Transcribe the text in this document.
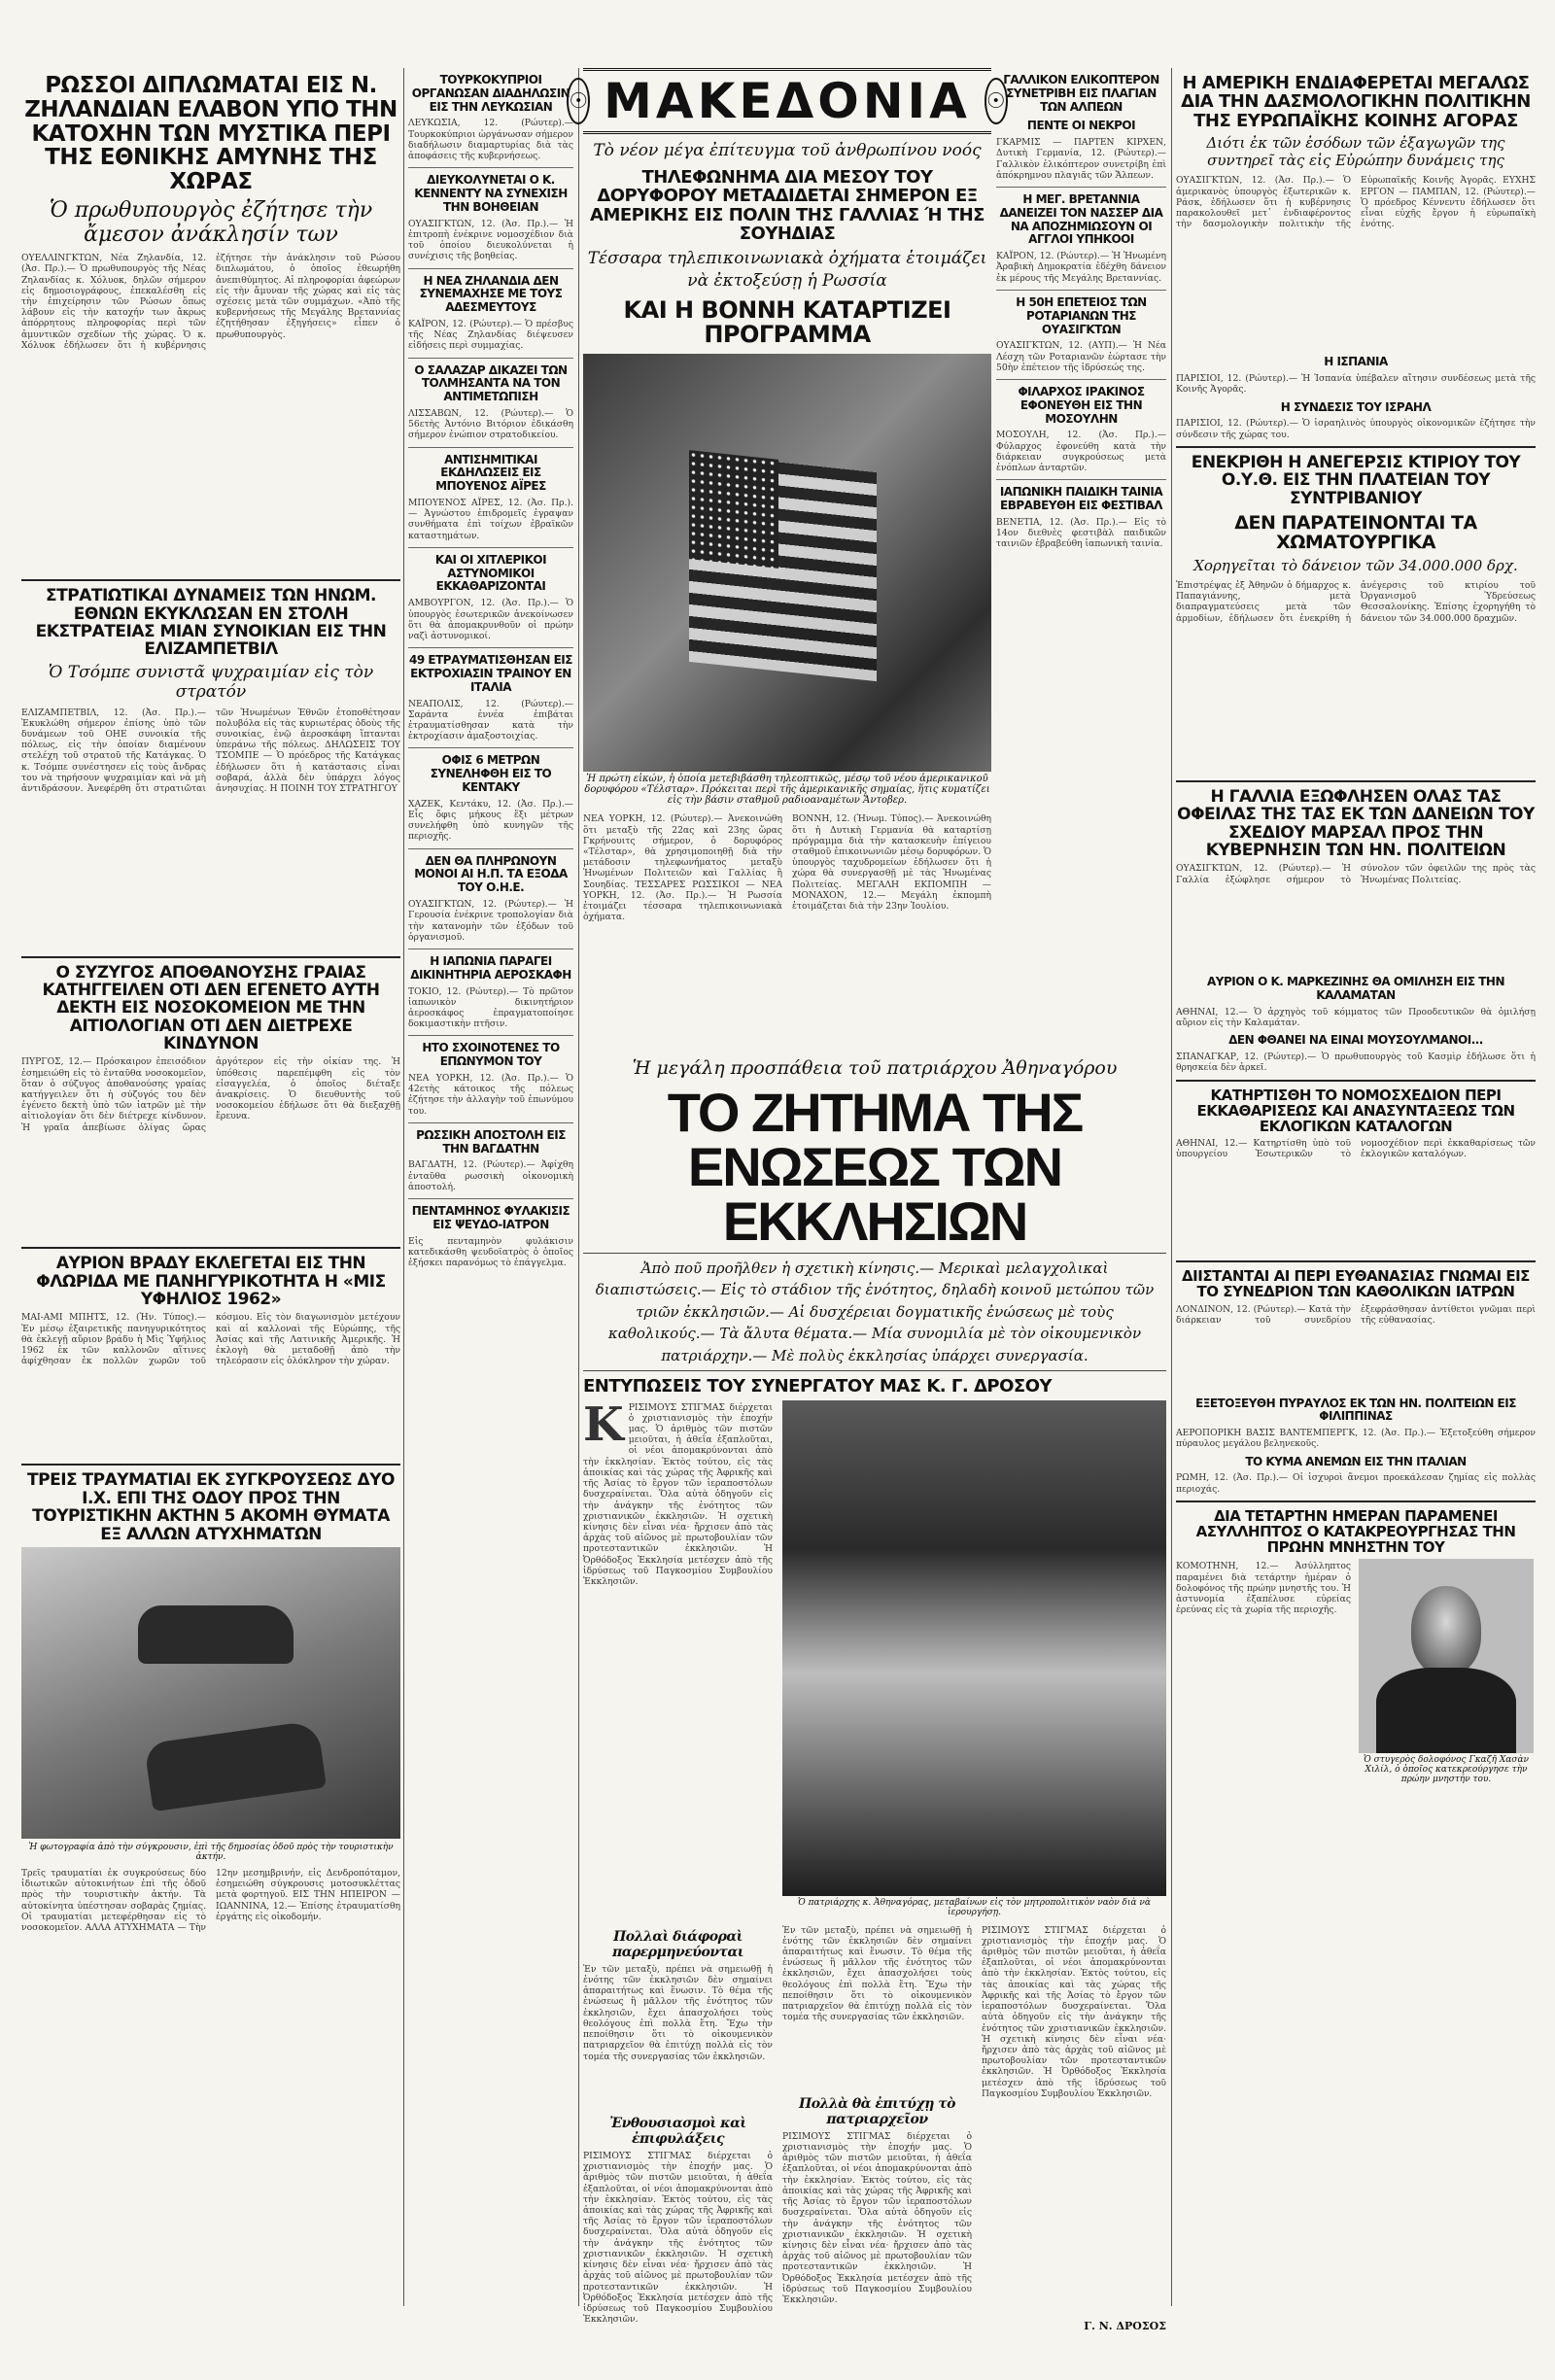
ΡΩΣΣΟΙ ΔΙΠΛΩΜΑΤΑΙ ΕΙΣ Ν. ΖΗΛΑΝΔΙΑΝ ΕΛΑΒΟΝ ΥΠΟ ΤΗΝ ΚΑΤΟΧΗΝ ΤΩΝ ΜΥΣΤΙΚΑ ΠΕΡΙ ΤΗΣ ΕΘΝΙΚΗΣ ΑΜΥΝΗΣ ΤΗΣ ΧΩΡΑΣ
Ὁ πρωθυπουργὸς ἐζήτησε τὴν ἄμεσον ἀνάκλησίν των
ΟΥΕΛΛΙΝΓΚΤΩΝ, Νέα Ζηλανδία, 12. (Ἀσ. Πρ.).— Ὁ πρωθυπουργὸς τῆς Νέας Ζηλανδίας κ. Χόλυοκ, δηλῶν σήμερον εἰς δημοσιογράφους, ἐπεκαλέσθη εἰς τὴν ἐπιχείρησιν τῶν Ρώσων ὅπως λάβουν εἰς τὴν κατοχήν των ἄκρως ἀπόρρητους πληροφορίας περὶ τῶν ἀμυντικῶν σχεδίων τῆς χώρας. Ὁ κ. Χόλυοκ ἐδήλωσεν ὅτι ἡ κυβέρνησις ἐζήτησε τὴν ἀνάκλησιν τοῦ Ρώσου διπλωμάτου, ὁ ὁποῖος ἐθεωρήθη ἀνεπιθύμητος. Αἱ πληροφορίαι ἀφεώρων εἰς τὴν ἄμυναν τῆς χώρας καὶ εἰς τὰς σχέσεις μετὰ τῶν συμμάχων. «Ἀπὸ τῆς κυβερνήσεως τῆς Μεγάλης Βρεταννίας ἐζητήθησαν ἐξηγήσεις» εἶπεν ὁ πρωθυπουργὸς.
ΣΤΡΑΤΙΩΤΙΚΑΙ ΔΥΝΑΜΕΙΣ ΤΩΝ ΗΝΩΜ. ΕΘΝΩΝ ΕΚΥΚΛΩΣΑΝ ΕΝ ΣΤΟΛΗ ΕΚΣΤΡΑΤΕΙΑΣ ΜΙΑΝ ΣΥΝΟΙΚΙΑΝ ΕΙΣ ΤΗΝ ΕΛΙΖΑΜΠΕΤΒΙΛ
Ὁ Τσόμπε συνιστᾶ ψυχραιμίαν εἰς τὸν στρατόν
ΕΛΙΖΑΜΠΕΤΒΙΛ, 12. (Ἀσ. Πρ.).— Ἐκυκλώθη σήμερον ἐπίσης ὑπὸ τῶν δυνάμεων τοῦ ΟΗΕ συνοικία τῆς πόλεως, εἰς τὴν ὁποίαν διαμένουν στελέχη τοῦ στρατοῦ τῆς Κατάγκας. Ὁ κ. Τσόμπε συνέστησεν εἰς τοὺς ἄνδρας του νὰ τηρήσουν ψυχραιμίαν καὶ νὰ μὴ ἀντιδράσουν. Ἀνεφέρθη ὅτι στρατιῶται τῶν Ἡνωμένων Ἐθνῶν ἐτοποθέτησαν πολυβόλα εἰς τὰς κυριωτέρας ὁδοὺς τῆς συνοικίας, ἐνῷ ἀεροσκάφη ἵπτανται ὑπεράνω τῆς πόλεως. ΔΗΛΩΣΕΙΣ ΤΟΥ ΤΣΟΜΠΕ — Ὁ πρόεδρος τῆς Κατάγκας ἐδήλωσεν ὅτι ἡ κατάστασις εἶναι σοβαρά, ἀλλὰ δὲν ὑπάρχει λόγος ἀνησυχίας. Η ΠΟΙΝΗ ΤΟΥ ΣΤΡΑΤΗΓΟΥ
Ο ΣΥΖΥΓΟΣ ΑΠΟΘΑΝΟΥΣΗΣ ΓΡΑΙΑΣ ΚΑΤΗΓΓΕΙΛΕΝ ΟΤΙ ΔΕΝ ΕΓΕΝΕΤΟ ΑΥΤΗ ΔΕΚΤΗ ΕΙΣ ΝΟΣΟΚΟΜΕΙΟΝ ΜΕ ΤΗΝ ΑΙΤΙΟΛΟΓΙΑΝ ΟΤΙ ΔΕΝ ΔΙΕΤΡΕΧΕ ΚΙΝΔΥΝΟΝ
ΠΥΡΓΟΣ, 12.— Πρόσκαιρον ἐπεισόδιον ἐσημειώθη εἰς τὸ ἐνταῦθα νοσοκομεῖον, ὅταν ὁ σύζυγος ἀποθανούσης γραίας κατήγγειλεν ὅτι ἡ σύζυγός του δὲν ἐγένετο δεκτὴ ὑπὸ τῶν ἰατρῶν μὲ τὴν αἰτιολογίαν ὅτι δὲν διέτρεχε κίνδυνον. Ἡ γραῖα ἀπεβίωσε ὀλίγας ὥρας ἀργότερον εἰς τὴν οἰκίαν της. Ἡ ὑπόθεσις παρεπέμφθη εἰς τὸν εἰσαγγελέα, ὁ ὁποῖος διέταξε ἀνακρίσεις. Ὁ διευθυντὴς τοῦ νοσοκομείου ἐδήλωσε ὅτι θὰ διεξαχθῇ ἔρευνα.
ΑΥΡΙΟΝ ΒΡΑΔΥ ΕΚΛΕΓΕΤΑΙ ΕΙΣ ΤΗΝ ΦΛΩΡΙΔΑ ΜΕ ΠΑΝΗΓΥΡΙΚΟΤΗΤΑ Η «ΜΙΣ ΥΦΗΛΙΟΣ 1962»
ΜΑΙ-ΑΜΙ ΜΠΗΤΣ, 12. (Ἠν. Τύπος).— Ἐν μέσῳ ἐξαιρετικῆς πανηγυρικότητος θὰ ἐκλεγῇ αὔριον βράδυ ἡ Μὶς Ὑφήλιος 1962 ἐκ τῶν καλλονῶν αἵτινες ἀφίχθησαν ἐκ πολλῶν χωρῶν τοῦ κόσμου. Εἰς τὸν διαγωνισμὸν μετέχουν καὶ αἱ καλλοναὶ τῆς Εὐρώπης, τῆς Ἀσίας καὶ τῆς Λατινικῆς Ἀμερικῆς. Ἡ ἐκλογὴ θὰ μεταδοθῇ ἀπὸ τὴν τηλεόρασιν εἰς ὁλόκληρον τὴν χώραν.
ΤΡΕΙΣ ΤΡΑΥΜΑΤΙΑΙ ΕΚ ΣΥΓΚΡΟΥΣΕΩΣ ΔΥΟ Ι.Χ. ΕΠΙ ΤΗΣ ΟΔΟΥ ΠΡΟΣ ΤΗΝ ΤΟΥΡΙΣΤΙΚΗΝ ΑΚΤΗΝ 5 ΑΚΟΜΗ ΘΥΜΑΤΑ ΕΞ ΑΛΛΩΝ ΑΤΥΧΗΜΑΤΩΝ
Ἡ φωτογραφία ἀπὸ τὴν σύγκρουσιν, ἐπὶ τῆς δημοσίας ὁδοῦ πρὸς τὴν τουριστικὴν ἀκτήν.
Τρεῖς τραυματίαι ἐκ συγκρούσεως δύο ἰδιωτικῶν αὐτοκινήτων ἐπὶ τῆς ὁδοῦ πρὸς τὴν τουριστικὴν ἀκτήν. Τὰ αὐτοκίνητα ὑπέστησαν σοβαρὰς ζημίας. Οἱ τραυματίαι μετεφέρθησαν εἰς τὸ νοσοκομεῖον. ΑΛΛΑ ΑΤΥΧΗΜΑΤΑ — Τὴν 12ην μεσημβρινήν, εἰς Δενδροπόταμον, ἐσημειώθη σύγκρουσις μοτοσυκλέττας μετὰ φορτηγοῦ. ΕΙΣ ΤΗΝ ΗΠΕΙΡΟΝ — ΙΩΑΝΝΙΝΑ, 12.— Ἐπίσης ἐτραυματίσθη ἐργάτης εἰς οἰκοδομήν.
ΤΟΥΡΚΟΚΥΠΡΙΟΙ ΟΡΓΑΝΩΣΑΝ ΔΙΑΔΗΛΩΣΙΝ ΕΙΣ ΤΗΝ ΛΕΥΚΩΣΙΑΝ
ΛΕΥΚΩΣΙΑ, 12. (Ρώυτερ).— Τουρκοκύπριοι ὠργάνωσαν σήμερον διαδήλωσιν διαμαρτυρίας διὰ τὰς ἀποφάσεις τῆς κυβερνήσεως.
ΔΙΕΥΚΟΛΥΝΕΤΑΙ Ο Κ. ΚΕΝΝΕΝΤΥ ΝΑ ΣΥΝΕΧΙΣΗ ΤΗΝ ΒΟΗΘΕΙΑΝ
ΟΥΑΣΙΓΚΤΩΝ, 12. (Ἀσ. Πρ.).— Ἡ ἐπιτροπὴ ἐνέκρινε νομοσχέδιον διὰ τοῦ ὁποίου διευκολύνεται ἡ συνέχισις τῆς βοηθείας.
Η ΝΕΑ ΖΗΛΑΝΔΙΑ ΔΕΝ ΣΥΝΕΜΑΧΗΣΕ ΜΕ ΤΟΥΣ ΑΔΕΣΜΕΥΤΟΥΣ
ΚΑΪΡΟΝ, 12. (Ρώυτερ).— Ὁ πρέσβυς τῆς Νέας Ζηλανδίας διέψευσεν εἰδήσεις περὶ συμμαχίας.
Ο ΣΑΛΑΖΑΡ ΔΙΚΑΖΕΙ ΤΩΝ ΤΟΛΜΗΣΑΝΤΑ ΝΑ ΤΟΝ ΑΝΤΙΜΕΤΩΠΙΣΗ
ΛΙΣΣΑΒΩΝ, 12. (Ρώυτερ).— Ὁ 56ετὴς Ἀντόνιο Βιτόριον ἐδικάσθη σήμερον ἐνώπιον στρατοδικείου.
ΑΝΤΙΣΗΜΙΤΙΚΑΙ ΕΚΔΗΛΩΣΕΙΣ ΕΙΣ ΜΠΟΥΕΝΟΣ ΑΪΡΕΣ
ΜΠΟΥΕΝΟΣ ΑΪΡΕΣ, 12. (Ἀσ. Πρ.).— Ἀγνώστου ἐπιδρομεῖς ἐγραψαν συνθήματα ἐπὶ τοίχων ἑβραϊκῶν καταστημάτων.
ΚΑΙ ΟΙ ΧΙΤΛΕΡΙΚΟΙ ΑΣΤΥΝΟΜΙΚΟΙ ΕΚΚΑΘΑΡΙΖΟΝΤΑΙ
ΑΜΒΟΥΡΓΟΝ, 12. (Ἀσ. Πρ.).— Ὁ ὑπουργὸς ἐσωτερικῶν ἀνεκοίνωσεν ὅτι θὰ ἀπομακρυνθοῦν οἱ πρώην ναζὶ ἀστυνομικοί.
49 ΕΤΡΑΥΜΑΤΙΣΘΗΣΑΝ ΕΙΣ ΕΚΤΡΟΧΙΑΣΙΝ ΤΡΑΙΝΟΥ ΕΝ ΙΤΑΛΙΑ
ΝΕΑΠΟΛΙΣ, 12. (Ρώυτερ).— Σαράντα ἐννέα ἐπιβάται ἐτραυματίσθησαν κατὰ τὴν ἐκτροχίασιν ἀμαξοστοιχίας.
ΟΦΙΣ 6 ΜΕΤΡΩΝ ΣΥΝΕΛΗΦΘΗ ΕΙΣ ΤΟ ΚΕΝΤΑΚΥ
ΧΑΖΕΚ, Κεντάκυ, 12. (Ἀσ. Πρ.).— Εἷς ὄφις μήκους ἕξι μέτρων συνελήφθη ὑπὸ κυνηγῶν τῆς περιοχῆς.
ΔΕΝ ΘΑ ΠΛΗΡΩΝΟΥΝ ΜΟΝΟΙ ΑΙ Η.Π. ΤΑ ΕΞΟΔΑ ΤΟΥ Ο.Η.Ε.
ΟΥΑΣΙΓΚΤΩΝ, 12. (Ρώυτερ).— Ἡ Γερουσία ἐνέκρινε τροπολογίαν διὰ τὴν κατανομὴν τῶν ἐξόδων τοῦ ὀργανισμοῦ.
Η ΙΑΠΩΝΙΑ ΠΑΡΑΓΕΙ ΔΙΚΙΝΗΤΗΡΙΑ ΑΕΡΟΣΚΑΦΗ
ΤΟΚΙΟ, 12. (Ρώυτερ).— Τὸ πρῶτον ἰαπωνικὸν δικινητήριον ἀεροσκάφος ἐπραγματοποίησε δοκιμαστικὴν πτῆσιν.
ΗΤΟ ΣΧΟΙΝΟΤΕΝΕΣ ΤΟ ΕΠΩΝΥΜΟΝ ΤΟΥ
ΝΕΑ ΥΟΡΚΗ, 12. (Ἀσ. Πρ.).— Ὁ 42ετὴς κάτοικος τῆς πόλεως ἐζήτησε τὴν ἀλλαγὴν τοῦ ἐπωνύμου του.
ΡΩΣΣΙΚΗ ΑΠΟΣΤΟΛΗ ΕΙΣ ΤΗΝ ΒΑΓΔΑΤΗΝ
ΒΑΓΔΑΤΗ, 12. (Ρώυτερ).— Ἀφίχθη ἐνταῦθα ρωσσικὴ οἰκονομικὴ ἀποστολή.
ΠΕΝΤΑΜΗΝΟΣ ΦΥΛΑΚΙΣΙΣ ΕΙΣ ΨΕΥΔΟ-ΙΑΤΡΟΝ
Εἰς πενταμηνὸν φυλάκισιν κατεδικάσθη ψευδοϊατρὸς ὁ ὁποῖος ἐξήσκει παρανόμως τὸ ἐπάγγελμα.
☉ ΜΑΚΕΔΟΝΙΑ ☉
Τὸ νέον μέγα ἐπίτευγμα τοῦ ἀνθρωπίνου νοός
ΤΗΛΕΦΩΝΗΜΑ ΔΙΑ ΜΕΣΟΥ ΤΟΥ ΔΟΡΥΦΟΡΟΥ ΜΕΤΑΔΙΔΕΤΑΙ ΣΗΜΕΡΟΝ ΕΞ ΑΜΕΡΙΚΗΣ ΕΙΣ ΠΟΛΙΝ ΤΗΣ ΓΑΛΛΙΑΣ Ή ΤΗΣ ΣΟΥΗΔΙΑΣ
Τέσσαρα τηλεπικοινωνιακὰ ὀχήματα ἑτοιμάζει νὰ ἐκτοξεύσῃ ἡ Ρωσσία
ΚΑΙ Η ΒΟΝΝΗ ΚΑΤΑΡΤΙΖΕΙ ΠΡΟΓΡΑΜΜΑ
Ἡ πρώτη εἰκών, ἡ ὁποία μετεβιβάσθη τηλεοπτικῶς, μέσῳ τοῦ νέου ἀμερικανικοῦ δορυφόρου «Τέλσταρ». Πρόκειται περὶ τῆς ἀμερικανικῆς σημαίας, ἥτις κυματίζει εἰς τὴν βάσιν σταθμοῦ ραδιοαναμέτων Ἄντοβερ.
ΝΕΑ ΥΟΡΚΗ, 12. (Ρώυτερ).— Ἀνεκοινώθη ὅτι μεταξὺ τῆς 22ας καὶ 23ης ὥρας Γκρήνουιτς σήμερον, ὁ δορυφόρος «Τέλσταρ», θὰ χρησιμοποιηθῇ διὰ τὴν μετάδοσιν τηλεφωνήματος μεταξὺ Ἡνωμένων Πολιτειῶν καὶ Γαλλίας ἢ Σουηδίας. ΤΕΣΣΑΡΕΣ ΡΩΣΣΙΚΟΙ — ΝΕΑ ΥΟΡΚΗ, 12. (Ἀσ. Πρ.).— Ἡ Ρωσσία ἑτοιμάζει τέσσαρα τηλεπικοινωνιακὰ ὀχήματα.
ΒΟΝΝΗ, 12. (Ἠνωμ. Τύπος).— Ἀνεκοινώθη ὅτι ἡ Δυτικὴ Γερμανία θὰ καταρτίσῃ πρόγραμμα διὰ τὴν κατασκευὴν ἐπίγειου σταθμοῦ ἐπικοινωνιῶν μέσῳ δορυφόρων. Ὁ ὑπουργὸς ταχυδρομείων ἐδήλωσεν ὅτι ἡ χώρα θὰ συνεργασθῇ μὲ τὰς Ἡνωμένας Πολιτείας. ΜΕΓΑΛΗ ΕΚΠΟΜΠΗ — ΜΟΝΑΧΟΝ, 12.— Μεγάλη ἐκπομπὴ ἑτοιμάζεται διὰ τὴν 23ην Ἰουλίου.
ΓΑΛΛΙΚΟΝ ΕΛΙΚΟΠΤΕΡΟΝ ΣΥΝΕΤΡΙΒΗ ΕΙΣ ΠΛΑΓΙΑΝ ΤΩΝ ΑΛΠΕΩΝ
ΠΕΝΤΕ ΟΙ ΝΕΚΡΟΙ
ΓΚΑΡΜΙΣ — ΠΑΡΤΕΝ ΚΙΡΧΕΝ, Δυτικὴ Γερμανία, 12. (Ρώυτερ).— Γαλλικὸν ἐλικόπτερον συνετρίβη ἐπὶ ἀπόκρημνου πλαγιᾶς τῶν Ἄλπεων.
Η ΜΕΓ. ΒΡΕΤΑΝΝΙΑ ΔΑΝΕΙΖΕΙ ΤΟΝ ΝΑΣΣΕΡ ΔΙΑ ΝΑ ΑΠΟΖΗΜΙΩΣΟΥΝ ΟΙ ΑΓΓΛΟΙ ΥΠΗΚΟΟΙ
ΚΑΪΡΟΝ, 12. (Ρώυτερ).— Ἡ Ἡνωμένη Ἀραβικὴ Δημοκρατία ἐδέχθη δάνειον ἐκ μέρους τῆς Μεγάλης Βρεταννίας.
Η 50Η ΕΠΕΤΕΙΟΣ ΤΩΝ ΡΟΤΑΡΙΑΝΩΝ ΤΗΣ ΟΥΑΣΙΓΚΤΩΝ
ΟΥΑΣΙΓΚΤΩΝ, 12. (ΑΥΠ).— Ἡ Νέα Λέσχη τῶν Ροταριανῶν ἑώρτασε τὴν 50ὴν ἐπέτειον τῆς ἱδρύσεώς της.
ΦΙΛΑΡΧΟΣ ΙΡΑΚΙΝΟΣ ΕΦΟΝΕΥΘΗ ΕΙΣ ΤΗΝ ΜΟΣΟΥΛΗΝ
ΜΟΣΟΥΛΗ, 12. (Ἀσ. Πρ.).— Φύλαρχος ἐφονεύθη κατὰ τὴν διάρκειαν συγκρούσεως μετὰ ἐνόπλων ἀνταρτῶν.
ΙΑΠΩΝΙΚΗ ΠΑΙΔΙΚΗ ΤΑΙΝΙΑ ΕΒΡΑΒΕΥΘΗ ΕΙΣ ΦΕΣΤΙΒΑΛ
ΒΕΝΕΤΙΑ, 12. (Ἀσ. Πρ.).— Εἰς τὸ 14ον διεθνὲς φεστιβὰλ παιδικῶν ταινιῶν ἐβραβεύθη ἰαπωνικὴ ταινία.
Ἡ μεγάλη προσπάθεια τοῦ πατριάρχου Ἀθηναγόρου
ΤΟ ΖΗΤΗΜΑ ΤΗΣ ΕΝΩΣΕΩΣ ΤΩΝ ΕΚΚΛΗΣΙΩΝ
Ἀπὸ ποῦ προῆλθεν ἡ σχετικὴ κίνησις.— Μερικαὶ μελαγχολικαὶ διαπιστώσεις.— Εἰς τὸ στάδιον τῆς ἐνότητος, δηλαδὴ κοινοῦ μετώπου τῶν τριῶν ἐκκλησιῶν.— Αἱ δυσχέρειαι δογματικῆς ἐνώσεως μὲ τοὺς καθολικούς.— Τὰ ἄλυτα θέματα.— Μία συνομιλία μὲ τὸν οἰκουμενικὸν πατριάρχην.— Μὲ πολὺς ἐκκλησίας ὑπάρχει συνεργασία.
ΕΝΤΥΠΩΣΕΙΣ ΤΟΥ ΣΥΝΕΡΓΑΤΟΥ ΜΑΣ Κ. Γ. ΔΡΟΣΟΥ
ΚΡΙΣΙΜΟΥΣ ΣΤΙΓΜΑΣ διέρχεται ὁ χριστιανισμὸς τὴν ἐποχήν μας. Ὁ ἀριθμὸς τῶν πιστῶν μειοῦται, ἡ ἀθεΐα ἐξαπλοῦται, οἱ νέοι ἀπομακρύνονται ἀπὸ τὴν ἐκκλησίαν. Ἐκτὸς τούτου, εἰς τὰς ἀποικίας καὶ τὰς χώρας τῆς Ἀφρικῆς καὶ τῆς Ἀσίας τὸ ἔργον τῶν ἱεραποστόλων δυσχεραίνεται. Ὅλα αὐτὰ ὁδηγοῦν εἰς τὴν ἀνάγκην τῆς ἐνότητος τῶν χριστιανικῶν ἐκκλησιῶν. Ἡ σχετικὴ κίνησις δὲν εἶναι νέα· ἤρχισεν ἀπὸ τὰς ἀρχὰς τοῦ αἰῶνος μὲ πρωτοβουλίαν τῶν προτεσταντικῶν ἐκκλησιῶν. Ἡ Ὀρθόδοξος Ἐκκλησία μετέσχεν ἀπὸ τῆς ἱδρύσεως τοῦ Παγκοσμίου Συμβουλίου Ἐκκλησιῶν.
Ὁ πατριάρχης κ. Ἀθηναγόρας, μεταβαίνων εἰς τὸν μητροπολιτικὸν ναὸν διὰ νὰ ἱερουργήσῃ.
Πολλαὶ διάφοραὶ παρερμηνεύονται
Ἐν τῶν μεταξὺ, πρέπει νὰ σημειωθῇ ἡ ἐνότης τῶν ἐκκλησιῶν δὲν σημαίνει ἀπαραιτήτως καὶ ἕνωσιν. Τὸ θέμα τῆς ἑνώσεως ἢ μᾶλλον τῆς ἐνότητος τῶν ἐκκλησιῶν, ἔχει ἀπασχολήσει τοὺς θεολόγους ἐπὶ πολλὰ ἔτη. Ἔχω τὴν πεποίθησιν ὅτι τὸ οἰκουμενικὸν πατριαρχεῖον θὰ ἐπιτύχῃ πολλὰ εἰς τὸν τομέα τῆς συνεργασίας τῶν ἐκκλησιῶν.
Ἐνθουσιασμοὶ καὶ ἐπιφυλάξεις
ΡΙΣΙΜΟΥΣ ΣΤΙΓΜΑΣ διέρχεται ὁ χριστιανισμὸς τὴν ἐποχήν μας. Ὁ ἀριθμὸς τῶν πιστῶν μειοῦται, ἡ ἀθεΐα ἐξαπλοῦται, οἱ νέοι ἀπομακρύνονται ἀπὸ τὴν ἐκκλησίαν. Ἐκτὸς τούτου, εἰς τὰς ἀποικίας καὶ τὰς χώρας τῆς Ἀφρικῆς καὶ τῆς Ἀσίας τὸ ἔργον τῶν ἱεραποστόλων δυσχεραίνεται. Ὅλα αὐτὰ ὁδηγοῦν εἰς τὴν ἀνάγκην τῆς ἐνότητος τῶν χριστιανικῶν ἐκκλησιῶν. Ἡ σχετικὴ κίνησις δὲν εἶναι νέα· ἤρχισεν ἀπὸ τὰς ἀρχὰς τοῦ αἰῶνος μὲ πρωτοβουλίαν τῶν προτεσταντικῶν ἐκκλησιῶν. Ἡ Ὀρθόδοξος Ἐκκλησία μετέσχεν ἀπὸ τῆς ἱδρύσεως τοῦ Παγκοσμίου Συμβουλίου Ἐκκλησιῶν.
Ἐν τῶν μεταξὺ, πρέπει νὰ σημειωθῇ ἡ ἐνότης τῶν ἐκκλησιῶν δὲν σημαίνει ἀπαραιτήτως καὶ ἕνωσιν. Τὸ θέμα τῆς ἑνώσεως ἢ μᾶλλον τῆς ἐνότητος τῶν ἐκκλησιῶν, ἔχει ἀπασχολήσει τοὺς θεολόγους ἐπὶ πολλὰ ἔτη. Ἔχω τὴν πεποίθησιν ὅτι τὸ οἰκουμενικὸν πατριαρχεῖον θὰ ἐπιτύχῃ πολλὰ εἰς τὸν τομέα τῆς συνεργασίας τῶν ἐκκλησιῶν.
Πολλὰ θὰ ἐπιτύχῃ τὸ πατριαρχεῖον
ΡΙΣΙΜΟΥΣ ΣΤΙΓΜΑΣ διέρχεται ὁ χριστιανισμὸς τὴν ἐποχήν μας. Ὁ ἀριθμὸς τῶν πιστῶν μειοῦται, ἡ ἀθεΐα ἐξαπλοῦται, οἱ νέοι ἀπομακρύνονται ἀπὸ τὴν ἐκκλησίαν. Ἐκτὸς τούτου, εἰς τὰς ἀποικίας καὶ τὰς χώρας τῆς Ἀφρικῆς καὶ τῆς Ἀσίας τὸ ἔργον τῶν ἱεραποστόλων δυσχεραίνεται. Ὅλα αὐτὰ ὁδηγοῦν εἰς τὴν ἀνάγκην τῆς ἐνότητος τῶν χριστιανικῶν ἐκκλησιῶν. Ἡ σχετικὴ κίνησις δὲν εἶναι νέα· ἤρχισεν ἀπὸ τὰς ἀρχὰς τοῦ αἰῶνος μὲ πρωτοβουλίαν τῶν προτεσταντικῶν ἐκκλησιῶν. Ἡ Ὀρθόδοξος Ἐκκλησία μετέσχεν ἀπὸ τῆς ἱδρύσεως τοῦ Παγκοσμίου Συμβουλίου Ἐκκλησιῶν.
ΡΙΣΙΜΟΥΣ ΣΤΙΓΜΑΣ διέρχεται ὁ χριστιανισμὸς τὴν ἐποχήν μας. Ὁ ἀριθμὸς τῶν πιστῶν μειοῦται, ἡ ἀθεΐα ἐξαπλοῦται, οἱ νέοι ἀπομακρύνονται ἀπὸ τὴν ἐκκλησίαν. Ἐκτὸς τούτου, εἰς τὰς ἀποικίας καὶ τὰς χώρας τῆς Ἀφρικῆς καὶ τῆς Ἀσίας τὸ ἔργον τῶν ἱεραποστόλων δυσχεραίνεται. Ὅλα αὐτὰ ὁδηγοῦν εἰς τὴν ἀνάγκην τῆς ἐνότητος τῶν χριστιανικῶν ἐκκλησιῶν. Ἡ σχετικὴ κίνησις δὲν εἶναι νέα· ἤρχισεν ἀπὸ τὰς ἀρχὰς τοῦ αἰῶνος μὲ πρωτοβουλίαν τῶν προτεσταντικῶν ἐκκλησιῶν. Ἡ Ὀρθόδοξος Ἐκκλησία μετέσχεν ἀπὸ τῆς ἱδρύσεως τοῦ Παγκοσμίου Συμβουλίου Ἐκκλησιῶν.
Γ. Ν. ΔΡΟΣΟΣ
Η ΑΜΕΡΙΚΗ ΕΝΔΙΑΦΕΡΕΤΑΙ ΜΕΓΑΛΩΣ ΔΙΑ ΤΗΝ ΔΑΣΜΟΛΟΓΙΚΗΝ ΠΟΛΙΤΙΚΗΝ ΤΗΣ ΕΥΡΩΠΑΪΚΗΣ ΚΟΙΝΗΣ ΑΓΟΡΑΣ
Διότι ἐκ τῶν ἐσόδων τῶν ἐξαγωγῶν της συντηρεῖ τὰς εἰς Εὐρώπην δυνάμεις της
ΟΥΑΣΙΓΚΤΩΝ, 12. (Ἀσ. Πρ.).— Ὁ ἀμερικανὸς ὑπουργὸς ἐξωτερικῶν κ. Ράσκ, ἐδήλωσεν ὅτι ἡ κυβέρνησις παρακολουθεῖ μετ᾽ ἐνδιαφέροντος τὴν δασμολογικὴν πολιτικὴν τῆς Εὐρωπαϊκῆς Κοινῆς Ἀγορᾶς. ΕΥΧΗΣ ΕΡΓΟΝ — ΠΑΜΠΑΝ, 12. (Ρώυτερ).— Ὁ πρόεδρος Κέννεντυ ἐδήλωσεν ὅτι εἶναι εὐχῆς ἔργον ἡ εὐρωπαϊκὴ ἑνότης.
Η ΙΣΠΑΝΙΑ
ΠΑΡΙΣΙΟΙ, 12. (Ρώυτερ).— Ἡ Ἰσπανία ὑπέβαλεν αἴτησιν συνδέσεως μετὰ τῆς Κοινῆς Ἀγορᾶς.
Η ΣΥΝΔΕΣΙΣ ΤΟΥ ΙΣΡΑΗΛ
ΠΑΡΙΣΙΟΙ, 12. (Ρώυτερ).— Ὁ ἰσραηλινὸς ὑπουργὸς οἰκονομικῶν ἐζήτησε τὴν σύνδεσιν τῆς χώρας του.
ΕΝΕΚΡΙΘΗ Η ΑΝΕΓΕΡΣΙΣ ΚΤΙΡΙΟΥ ΤΟΥ Ο.Υ.Θ. ΕΙΣ ΤΗΝ ΠΛΑΤΕΙΑΝ ΤΟΥ ΣΥΝΤΡΙΒΑΝΙΟΥ
ΔΕΝ ΠΑΡΑΤΕΙΝΟΝΤΑΙ ΤΑ ΧΩΜΑΤΟΥΡΓΙΚΑ
Χορηγεῖται τὸ δάνειον τῶν 34.000.000 δρχ.
Ἐπιστρέψας ἐξ Ἀθηνῶν ὁ δήμαρχος κ. Παπαγιάννης, μετὰ διαπραγματεύσεις μετὰ τῶν ἁρμοδίων, ἐδήλωσεν ὅτι ἐνεκρίθη ἡ ἀνέγερσις τοῦ κτιρίου τοῦ Ὀργανισμοῦ Ὑδρεύσεως Θεσσαλονίκης. Ἐπίσης ἐχορηγήθη τὸ δάνειον τῶν 34.000.000 δραχμῶν.
Η ΓΑΛΛΙΑ ΕΞΩΦΛΗΣΕΝ ΟΛΑΣ ΤΑΣ ΟΦΕΙΛΑΣ ΤΗΣ ΤΑΣ ΕΚ ΤΩΝ ΔΑΝΕΙΩΝ ΤΟΥ ΣΧΕΔΙΟΥ ΜΑΡΣΑΛ ΠΡΟΣ ΤΗΝ ΚΥΒΕΡΝΗΣΙΝ ΤΩΝ ΗΝ. ΠΟΛΙΤΕΙΩΝ
ΟΥΑΣΙΓΚΤΩΝ, 12. (Ρώυτερ).— Ἡ Γαλλία ἐξώφλησε σήμερον τὸ σύνολον τῶν ὀφειλῶν της πρὸς τὰς Ἡνωμένας Πολιτείας.
ΑΥΡΙΟΝ Ο Κ. ΜΑΡΚΕΖΙΝΗΣ ΘΑ ΟΜΙΛΗΣΗ ΕΙΣ ΤΗΝ ΚΑΛΑΜΑΤΑΝ
ΑΘΗΝΑΙ, 12.— Ὁ ἀρχηγὸς τοῦ κόμματος τῶν Προοδευτικῶν θὰ ὁμιλήσῃ αὔριον εἰς τὴν Καλαμάταν.
ΔΕΝ ΦΘΑΝΕΙ ΝΑ ΕΙΝΑΙ ΜΟΥΣΟΥΛΜΑΝΟΙ...
ΣΠΑΝΑΓΚΑΡ, 12. (Ρώυτερ).— Ὁ πρωθυπουργὸς τοῦ Κασμὶρ ἐδήλωσε ὅτι ἡ θρησκεία δὲν ἀρκεῖ.
ΚΑΤΗΡΤΙΣΘΗ ΤΟ ΝΟΜΟΣΧΕΔΙΟΝ ΠΕΡΙ ΕΚΚΑΘΑΡΙΣΕΩΣ ΚΑΙ ΑΝΑΣΥΝΤΑΞΕΩΣ ΤΩΝ ΕΚΛΟΓΙΚΩΝ ΚΑΤΑΛΟΓΩΝ
ΑΘΗΝΑΙ, 12.— Κατηρτίσθη ὑπὸ τοῦ ὑπουργείου Ἐσωτερικῶν τὸ νομοσχέδιον περὶ ἐκκαθαρίσεως τῶν ἐκλογικῶν καταλόγων.
ΔΙΙΣΤΑΝΤΑΙ ΑΙ ΠΕΡΙ ΕΥΘΑΝΑΣΙΑΣ ΓΝΩΜΑΙ ΕΙΣ ΤΟ ΣΥΝΕΔΡΙΟΝ ΤΩΝ ΚΑΘΟΛΙΚΩΝ ΙΑΤΡΩΝ
ΛΟΝΔΙΝΟΝ, 12. (Ρώυτερ).— Κατὰ τὴν διάρκειαν τοῦ συνεδρίου ἐξεφράσθησαν ἀντίθετοι γνῶμαι περὶ τῆς εὐθανασίας.
ΕΞΕΤΟΞΕΥΘΗ ΠΥΡΑΥΛΟΣ ΕΚ ΤΩΝ ΗΝ. ΠΟΛΙΤΕΙΩΝ ΕΙΣ ΦΙΛΙΠΠΙΝΑΣ
ΑΕΡΟΠΟΡΙΚΗ ΒΑΣΙΣ ΒΑΝΤΕΜΠΕΡΓΚ, 12. (Ἀσ. Πρ.).— Ἐξετοξεύθη σήμερον πύραυλος μεγάλου βεληνεκοῦς.
ΤΟ ΚΥΜΑ ΑΝΕΜΩΝ ΕΙΣ ΤΗΝ ΙΤΑΛΙΑΝ
ΡΩΜΗ, 12. (Ἀσ. Πρ.).— Οἱ ἰσχυροὶ ἄνεμοι προεκάλεσαν ζημίας εἰς πολλὰς περιοχάς.
ΔΙΑ ΤΕΤΑΡΤΗΝ ΗΜΕΡΑΝ ΠΑΡΑΜΕΝΕΙ ΑΣΥΛΛΗΠΤΟΣ Ο ΚΑΤΑΚΡΕΟΥΡΓΗΣΑΣ ΤΗΝ ΠΡΩΗΝ ΜΝΗΣΤΗΝ ΤΟΥ
ΚΟΜΟΤΗΝΗ, 12.— Ἀσύλληπτος παραμένει διὰ τετάρτην ἡμέραν ὁ δολοφόνος τῆς πρώην μνηστῆς του. Ἡ ἀστυνομία ἐξαπέλυσε εὐρείας ἐρεύνας εἰς τὰ χωρία τῆς περιοχῆς.
Ὁ στυγερὸς δολοφόνος Γκαζῆ Χασὰν Χιλίλ, ὁ ὁποῖος κατεκρεούργησε τὴν πρώην μνηστήν του.
